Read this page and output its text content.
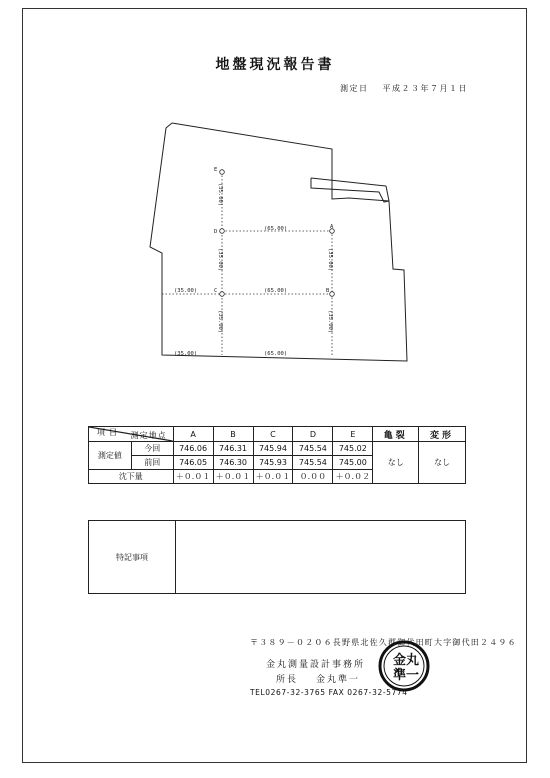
地盤現況報告書
測定日 平成２３年７月１日
A
B
C
D
E
(65.00)
(65.00)
(35.00)
(35.00)	(65.00)
(35.00)
(35.00)	(35.00)
(35.00)	(35.00)
測定地点
項目		A	B	C	D	E	亀裂	変形
測定値	今回	746.06	746.31	745.94	745.54	745.02	なし	なし
	前回	746.05	746.30	745.93	745.54	745.00		
沈下量		＋０.０１	＋０.０１	＋０.０１	０.００	＋０.０２		
特記事項	
〒３８９－０２０６長野県北佐久郡御代田町大字御代田２４９６
金丸測量設計事務所
所長 金丸準一
TEL0267-32-3765 FAX 0267-32-5774
金 丸
準 一
